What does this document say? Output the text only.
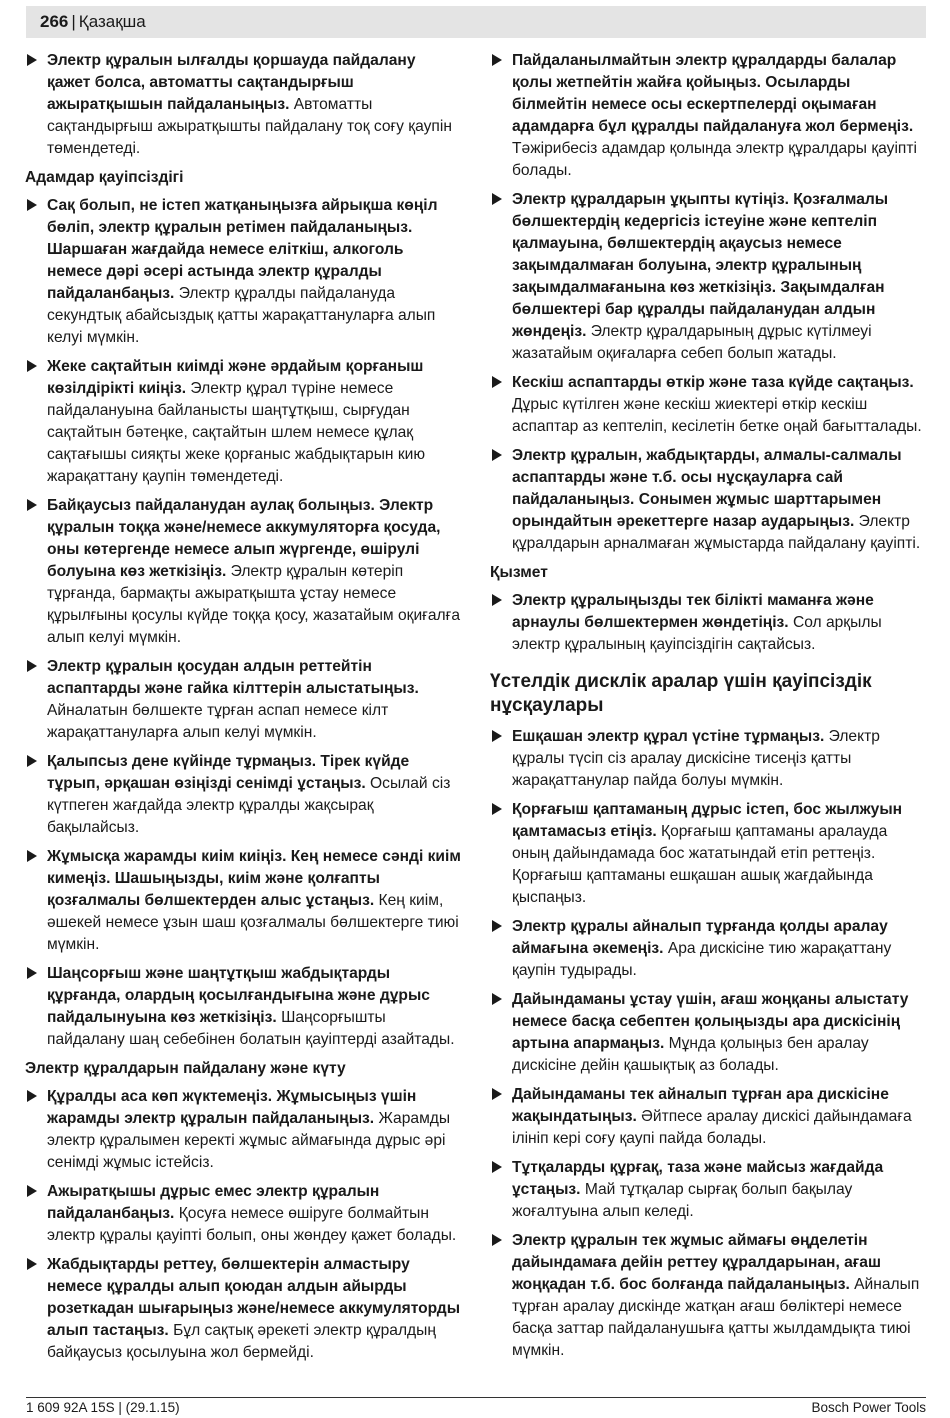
266 | Қазақша
Электр құралын ылғалды қоршауда пайдалану қажет болса, автоматты сақтандырғыш ажыратқышын пайдаланыңыз. Автоматты сақтандырғыш ажыратқышты пайдалану тоқ соғу қаупін төмендетеді.
Адамдар қауіпсіздігі
Сақ болып, не істеп жатқаныңызға айрықша көңіл бөліп, электр құралын ретімен пайдаланыңыз. Шаршаған жағдайда немесе еліткіш, алкоголь немесе дәрі әсері астында электр құралды пайдаланбаңыз. Электр құралды пайдалануда секундтық абайсыздық қатты жарақаттануларға алып келуі мүмкін.
Жеке сақтайтын киімді және әрдайым қорғаныш көзілдірікті киіңіз. Электр құрал түріне немесе пайдалануына байланысты шаңтұтқыш, сырғудан сақтайтын бәтеңке, сақтайтын шлем немесе құлақ сақтағышы сияқты жеке қорғаныс жабдықтарын кию жарақаттану қаупін төмендетеді.
Байқаусыз пайдаланудан аулақ болыңыз. Электр құралын тоққа және/немесе аккумуляторға қосуда, оны көтергенде немесе алып жүргенде, өшірулі болуына көз жеткізіңіз. Электр құралын көтеріп тұрғанда, бармақты ажыратқышта ұстау немесе құрылғыны қосулы күйде тоққа қосу, жазатайым оқиғалға алып келуі мүмкін.
Электр құралын қосудан алдын реттейтін аспаптарды және гайка кілттерін алыстатыңыз. Айналатын бөлшекте тұрған аспап немесе кілт жарақаттануларға алып келуі мүмкін.
Қалыпсыз дене күйінде тұрмаңыз. Тірек күйде тұрып, әрқашан өзіңізді сенімді ұстаңыз. Осылай сіз күтпеген жағдайда электр құралды жақсырақ бақылайсыз.
Жұмысқа жарамды киім киіңіз. Кең немесе сәнді киім кимеңіз. Шашыңызды, киім және қолғапты қозғалмалы бөлшектерден алыс ұстаңыз. Кең киім, әшекей немесе ұзын шаш қозғалмалы бөлшектерге тиюі мүмкін.
Шаңсорғыш және шаңтұтқыш жабдықтарды құрғанда, олардың қосылғандығына және дұрыс пайдалынуына көз жеткізіңіз. Шаңсорғышты пайдалану шаң себебінен болатын қауіптерді азайтады.
Электр құралдарын пайдалану және күту
Құралды аса көп жүктемеңіз. Жұмысыңыз үшін жарамды электр құралын пайдаланыңыз. Жарамды электр құралымен керекті жұмыс аймағында дұрыс әрі сенімді жұмыс істейсіз.
Ажыратқышы дұрыс емес электр құралын пайдаланбаңыз. Қосуға немесе өшіруге болмайтын электр құралы қауіпті болып, оны жөндеу қажет болады.
Жабдықтарды реттеу, бөлшектерін алмастыру немесе құралды алып қоюдан алдын айырды розеткадан шығарыңыз және/немесе аккумуляторды алып тастаңыз. Бұл сақтық әрекеті электр құралдың байқаусыз қосылуына жол бермейді.
Пайдаланылмайтын электр құралдарды балалар қолы жетпейтін жайға қойыңыз. Осыларды білмейтін немесе осы ескертпелерді оқымаған адамдарға бұл құралды пайдалануға жол бермеңіз. Тәжірибесіз адамдар қолында электр құралдары қауіпті болады.
Электр құралдарын ұқыпты күтіңіз. Қозғалмалы бөлшектердің кедергісіз істеуіне және кептеліп қалмауына, бөлшектердің ақаусыз немесе зақымдалмаған болуына, электр құралының зақымдалмағанына көз жеткізіңіз. Зақымдалған бөлшектері бар құралды пайдаланудан алдын жөндеңіз. Электр құралдарының дұрыс күтілмеуі жазатайым оқиғаларға себеп болып жатады.
Кескіш аспаптарды өткір және таза күйде сақтаңыз. Дұрыс күтілген және кескіш жиектері өткір кескіш аспаптар аз кептеліп, кесілетін бетке оңай бағытталады.
Электр құралын, жабдықтарды, алмалы-салмалы аспаптарды және т.б. осы нұсқауларға сай пайдаланыңыз. Сонымен жұмыс шарттарымен орындайтын әрекеттерге назар аударыңыз. Электр құралдарын арналмаған жұмыстарда пайдалану қауіпті.
Қызмет
Электр құралыңызды тек білікті маманға және арнаулы бөлшектермен жөндетіңіз. Сол арқылы электр құралының қауіпсіздігін сақтайсыз.
Үстелдік дисклік аралар үшін қауіпсіздік нұсқаулары
Ешқашан электр құрал үстіне тұрмаңыз. Электр құралы түсіп сіз аралау дискісіне тисеңіз қатты жарақаттанулар пайда болуы мүмкін.
Қорғағыш қаптаманың дұрыс істеп, бос жылжуын қамтамасыз етіңіз. Қорғағыш қаптаманы аралауда оның дайындамада бос жататындай етіп реттеңіз. Қорғағыш қаптаманы ешқашан ашық жағдайында қыспаңыз.
Электр құралы айналып тұрғанда қолды аралау аймағына әкемеңіз. Ара дискісіне тию жарақаттану қаупін тудырады.
Дайындаманы ұстау үшін, ағаш жоңқаны алыстату немесе басқа себептен қолыңызды ара дискісінің артына апармаңыз. Мұнда қолыңыз бен аралау дискісіне дейін қашықтық аз болады.
Дайындаманы тек айналып тұрған ара дискісіне жақындатыңыз. Әйтпесе аралау дискісі дайындамаға ілініп кері соғу қаупі пайда болады.
Тұтқаларды құрғақ, таза және майсыз жағдайда ұстаңыз. Май тұтқалар сырғақ болып бақылау жоғалтуына алып келеді.
Электр құралын тек жұмыс аймағы өңделетін дайындамаға дейін реттеу құралдарынан, ағаш жоңқадан т.б. бос болғанда пайдаланыңыз. Айналып тұрған аралау дискінде жатқан ағаш бөліктері немесе басқа заттар пайдаланушыға қатты жылдамдықта тиюі мүмкін.
1 609 92A 15S | (29.1.15)	Bosch Power Tools
